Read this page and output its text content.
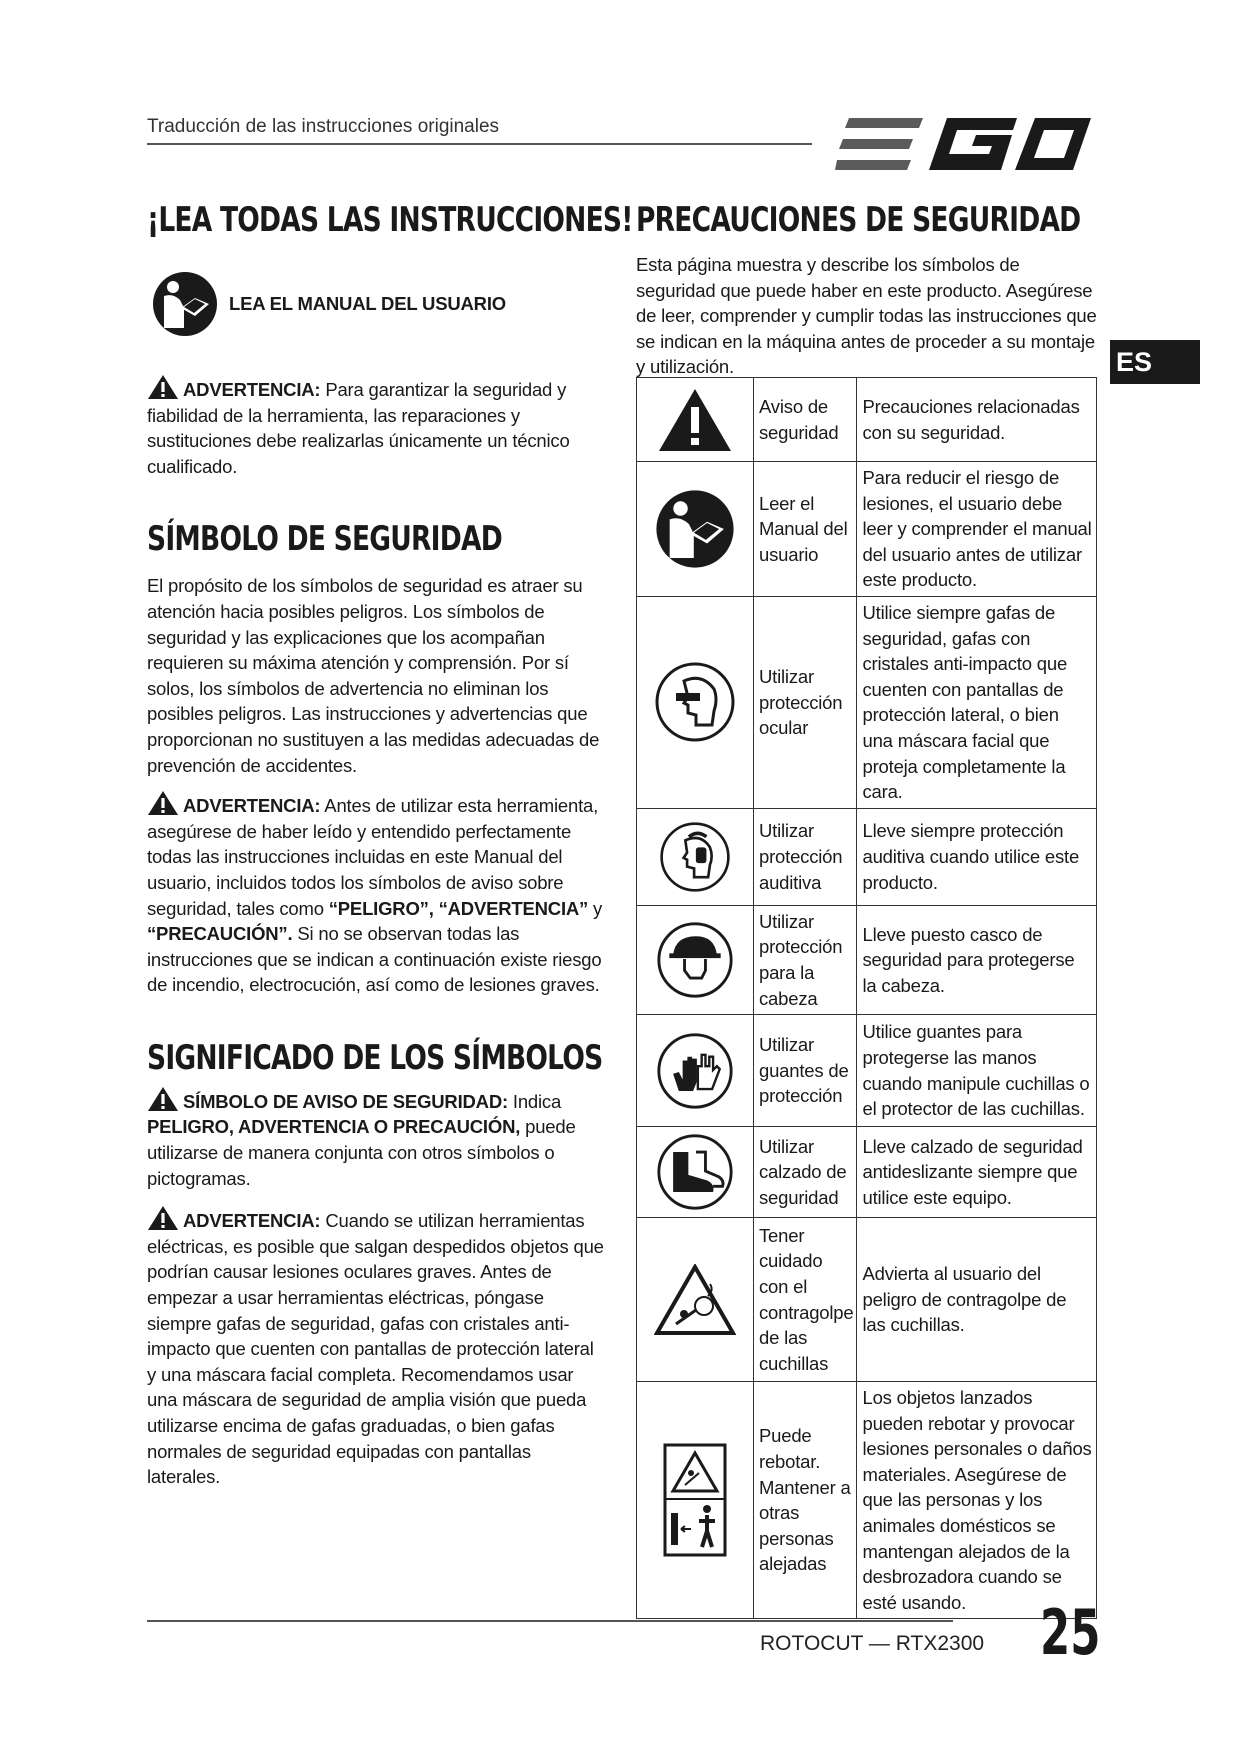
Traducción de las instrucciones originales
ES
¡LEA TODAS LAS INSTRUCCIONES!
LEA EL MANUAL DEL USUARIO

ADVERTENCIA: Para garantizar la seguridad y fiabilidad de la herramienta, las reparaciones y sustituciones debe realizarlas únicamente un técnico cualificado.

SÍMBOLO DE SEGURIDAD

El propósito de los símbolos de seguridad es atraer su atención hacia posibles peligros. Los símbolos de seguridad y las explicaciones que los acompañan requieren su máxima atención y comprensión. Por sí solos, los símbolos de advertencia no eliminan los posibles peligros. Las instrucciones y advertencias que proporcionan no sustituyen a las medidas adecuadas de prevención de accidentes.

ADVERTENCIA: Antes de utilizar esta herramienta, asegúrese de haber leído y entendido perfectamente todas las instrucciones incluidas en este Manual del usuario, incluidos todos los símbolos de aviso sobre seguridad, tales como “PELIGRO”, “ADVERTENCIA” y “PRECAUCIÓN”. Si no se observan todas las instrucciones que se indican a continuación existe riesgo de incendio, electrocución, así como de lesiones graves.

SIGNIFICADO DE LOS SÍMBOLOS

SÍMBOLO DE AVISO DE SEGURIDAD: Indica PELIGRO, ADVERTENCIA O PRECAUCIÓN, puede utilizarse de manera conjunta con otros símbolos o pictogramas.

ADVERTENCIA: Cuando se utilizan herramientas eléctricas, es posible que salgan despedidos objetos que podrían causar lesiones oculares graves. Antes de empezar a usar herramientas eléctricas, póngase siempre gafas de seguridad, gafas con cristales anti-impacto que cuenten con pantallas de protección lateral y una máscara facial completa. Recomendamos usar una máscara de seguridad de amplia visión que pueda utilizarse encima de gafas graduadas, o bien gafas normales de seguridad equipadas con pantallas laterales.

PRECAUCIONES DE SEGURIDAD

Esta página muestra y describe los símbolos de seguridad que puede haber en este producto. Asegúrese de leer, comprender y cumplir todas las instrucciones que se indican en la máquina antes de proceder a su montaje y utilización.

	Aviso de seguridad	Precauciones relacionadas con su seguridad.

	Leer el Manual del usuario	Para reducir el riesgo de lesiones, el usuario debe leer y comprender el manual del usuario antes de utilizar este producto.

	Utilizar protección ocular	Utilice siempre gafas de seguridad, gafas con cristales anti-impacto que cuenten con pantallas de protección lateral, o bien una máscara facial que proteja completamente la cara.

	Utilizar protección auditiva	Lleve siempre protección auditiva cuando utilice este producto.

	Utilizar protección para la cabeza	Lleve puesto casco de seguridad para protegerse la cabeza.

	Utilizar guantes de protección	Utilice guantes para protegerse las manos cuando manipule cuchillas o el protector de las cuchillas.

	Utilizar calzado de seguridad	Lleve calzado de seguridad antideslizante siempre que utilice este equipo.

	Tener cuidado con el contragolpe de las cuchillas	Advierta al usuario del peligro de contragolpe de las cuchillas.

	Puede rebotar. Mantener a otras personas alejadas	Los objetos lanzados pueden rebotar y provocar lesiones personales o daños materiales. Asegúrese de que las personas y los animales domésticos se mantengan alejados de la desbrozadora cuando se esté usando.
ROTOCUT — RTX2300 25
